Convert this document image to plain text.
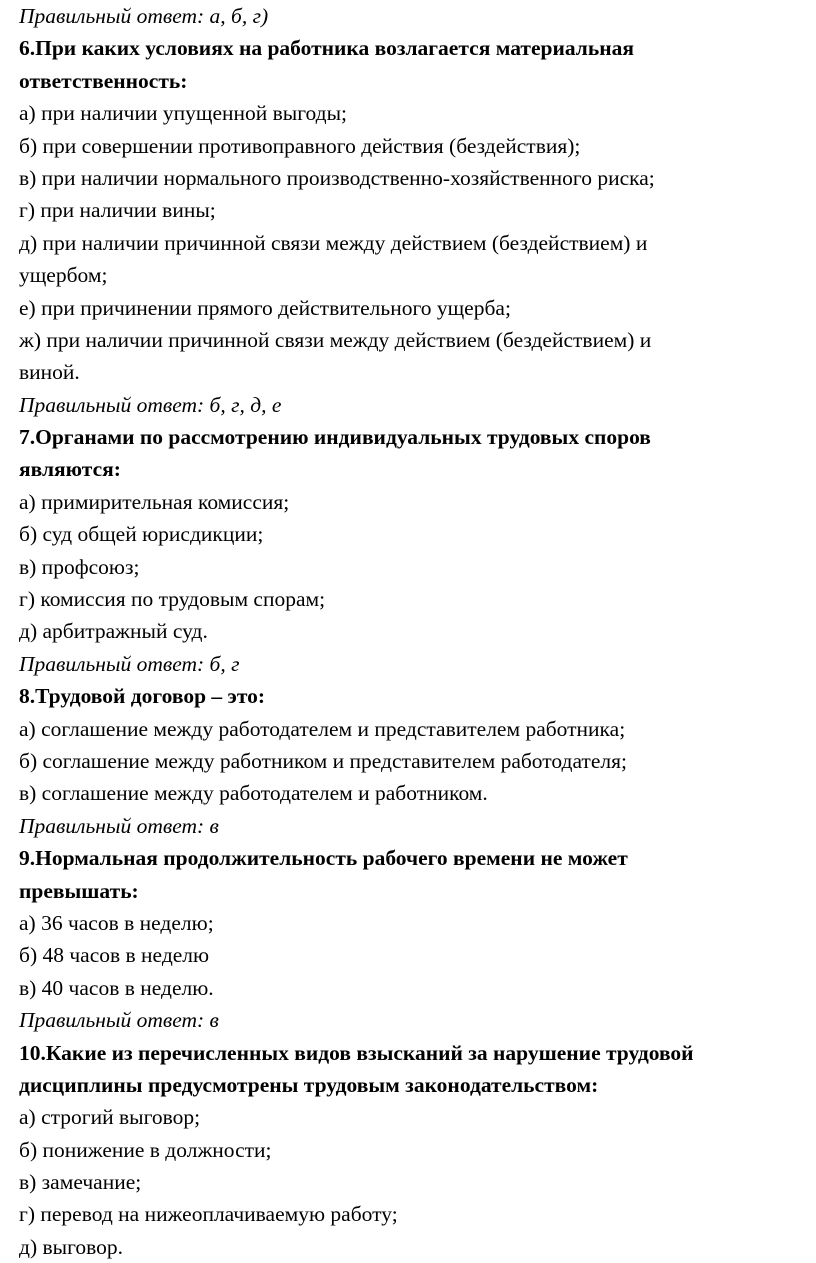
Правильный ответ: а, б, г)
6.При каких условиях на работника возлагается материальная
ответственность:
а) при наличии упущенной выгоды;
б) при совершении противоправного действия (бездействия);
в) при наличии нормального производственно-хозяйственного риска;
г) при наличии вины;
д) при наличии причинной связи между действием (бездействием) и
ущербом;
е) при причинении прямого действительного ущерба;
ж) при наличии причинной связи между действием (бездействием) и
виной.
Правильный ответ: б, г, д, е
7.Органами по рассмотрению индивидуальных трудовых споров
являются:
а) примирительная комиссия;
б) суд общей юрисдикции;
в) профсоюз;
г) комиссия по трудовым спорам;
д) арбитражный суд.
Правильный ответ: б, г
8.Трудовой договор – это:
а) соглашение между работодателем и представителем работника;
б) соглашение между работником и представителем работодателя;
в) соглашение между работодателем и работником.
Правильный ответ: в
9.Нормальная продолжительность рабочего времени не может
превышать:
а) 36 часов в неделю;
б) 48 часов в неделю
в) 40 часов в неделю.
Правильный ответ: в
10.Какие из перечисленных видов взысканий за нарушение трудовой
дисциплины предусмотрены трудовым законодательством:
а) строгий выговор;
б) понижение в должности;
в) замечание;
г) перевод на нижеоплачиваемую работу;
д) выговор.
